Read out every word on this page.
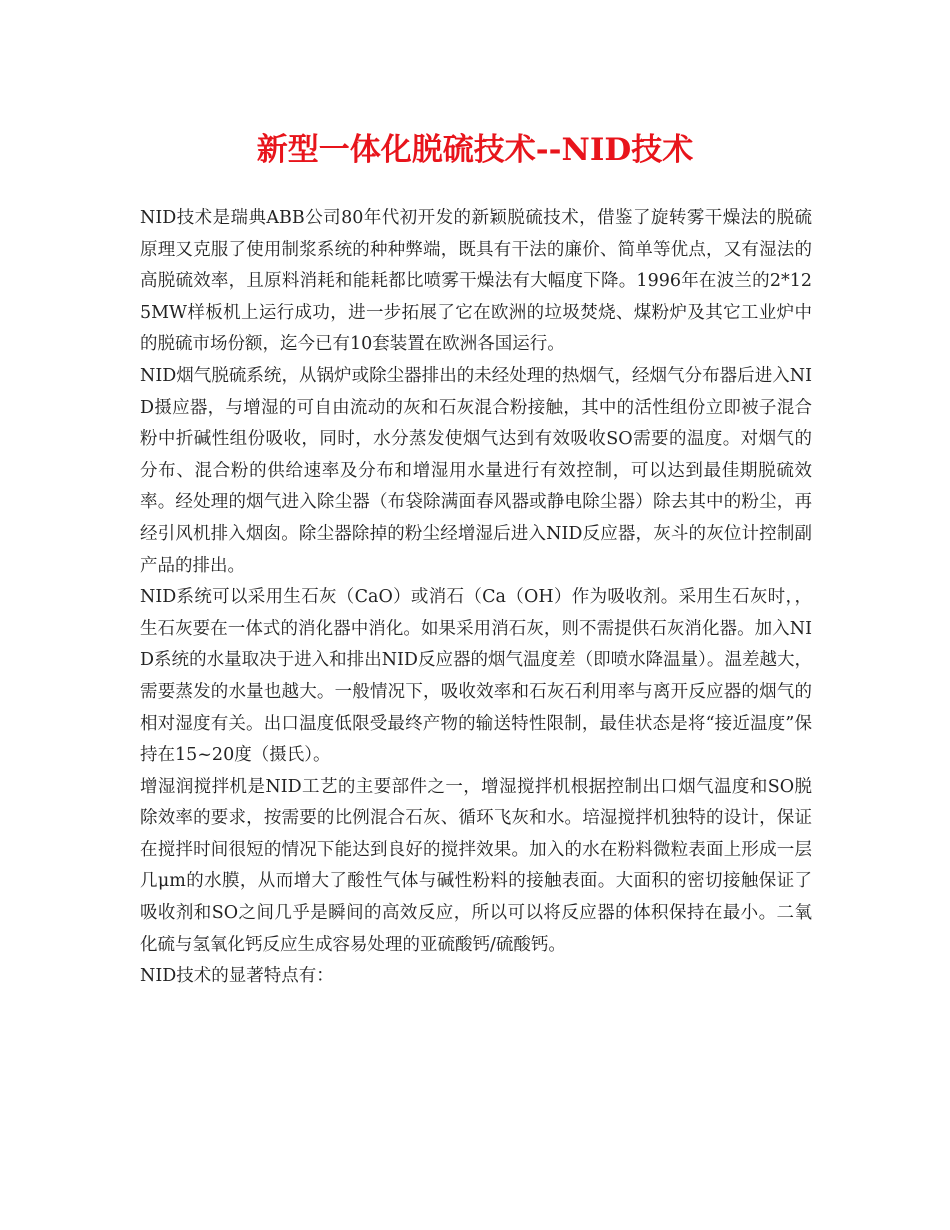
新型一体化脱硫技术--NID技术

NID技术是瑞典ABB公司80年代初开发的新颖脱硫技术，借鉴了旋转雾干燥法的脱硫原理又克服了使用制浆系统的种种弊端，既具有干法的廉价、简单等优点，又有湿法的高脱硫效率，且原料消耗和能耗都比喷雾干燥法有大幅度下降。1996年在波兰的2*125MW样板机上运行成功，进一步拓展了它在欧洲的垃圾焚烧、煤粉炉及其它工业炉中的脱硫市场份额，迄今已有10套装置在欧洲各国运行。

NID烟气脱硫系统，从锅炉或除尘器排出的未经处理的热烟气，经烟气分布器后进入NID摄应器，与增湿的可自由流动的灰和石灰混合粉接触，其中的活性组份立即被子混合粉中折碱性组份吸收，同时，水分蒸发使烟气达到有效吸收SO需要的温度。对烟气的分布、混合粉的供给速率及分布和增湿用水量进行有效控制，可以达到最佳期脱硫效率。经处理的烟气进入除尘器（布袋除满面春风器或静电除尘器）除去其中的粉尘，再经引风机排入烟囱。除尘器除掉的粉尘经增湿后进入NID反应器，灰斗的灰位计控制副产品的排出。

NID系统可以采用生石灰（CaO）或消石（Ca（OH）作为吸收剂。采用生石灰时，，生石灰要在一体式的消化器中消化。如果采用消石灰，则不需提供石灰消化器。加入NID系统的水量取决于进入和排出NID反应器的烟气温度差（即喷水降温量）。温差越大，需要蒸发的水量也越大。一般情况下，吸收效率和石灰石利用率与离开反应器的烟气的相对湿度有关。出口温度低限受最终产物的输送特性限制，最佳状态是将“接近温度”保持在15~20度（摄氏）。

增湿润搅拌机是NID工艺的主要部件之一，增湿搅拌机根据控制出口烟气温度和SO脱除效率的要求，按需要的比例混合石灰、循环飞灰和水。培湿搅拌机独特的设计，保证在搅拌时间很短的情况下能达到良好的搅拌效果。加入的水在粉料微粒表面上形成一层几μm的水膜，从而增大了酸性气体与碱性粉料的接触表面。大面积的密切接触保证了吸收剂和SO之间几乎是瞬间的高效反应，所以可以将反应器的体积保持在最小。二氧化硫与氢氧化钙反应生成容易处理的亚硫酸钙/硫酸钙。

NID技术的显著特点有：
